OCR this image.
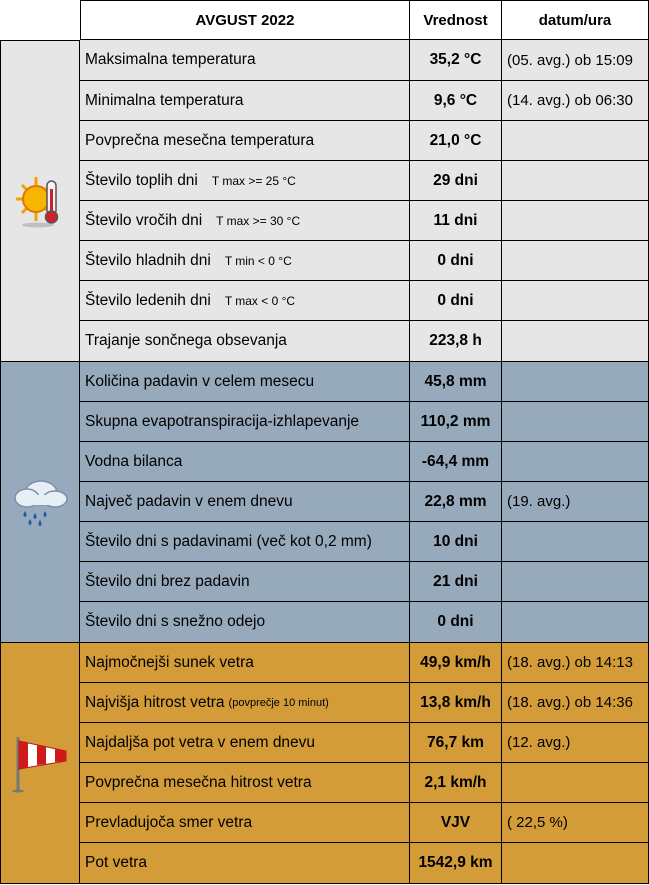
AVGUST 2022	Vrednost	datum/ura
Maksimalna temperatura	35,2 °C	(05. avg.) ob 15:09
Minimalna temperatura	9,6 °C	(14. avg.) ob 06:30
Povprečna mesečna temperatura	21,0 °C
Število toplih dni T max >= 25 °C	29 dni
Število vročih dni T max >= 30 °C	11 dni
Število hladnih dni T min < 0 °C	0 dni
Število ledenih dni T max < 0 °C	0 dni
Trajanje sončnega obsevanja	223,8 h
Količina padavin v celem mesecu	45,8 mm
Skupna evapotranspiracija-izhlapevanje	110,2 mm
Vodna bilanca	-64,4 mm
Največ padavin v enem dnevu	22,8 mm	(19. avg.)
Število dni s padavinami (več kot 0,2 mm)	10 dni
Število dni brez padavin	21 dni
Število dni s snežno odejo	0 dni
Najmočnejši sunek vetra	49,9 km/h	(18. avg.) ob 14:13
Najvišja hitrost vetra (povprečje 10 minut)	13,8 km/h	(18. avg.) ob 14:36
Najdaljša pot vetra v enem dnevu	76,7 km	(12. avg.)
Povprečna mesečna hitrost vetra	2,1 km/h
Prevladujoča smer vetra	VJV	( 22,5 %)
Pot vetra	1542,9 km
